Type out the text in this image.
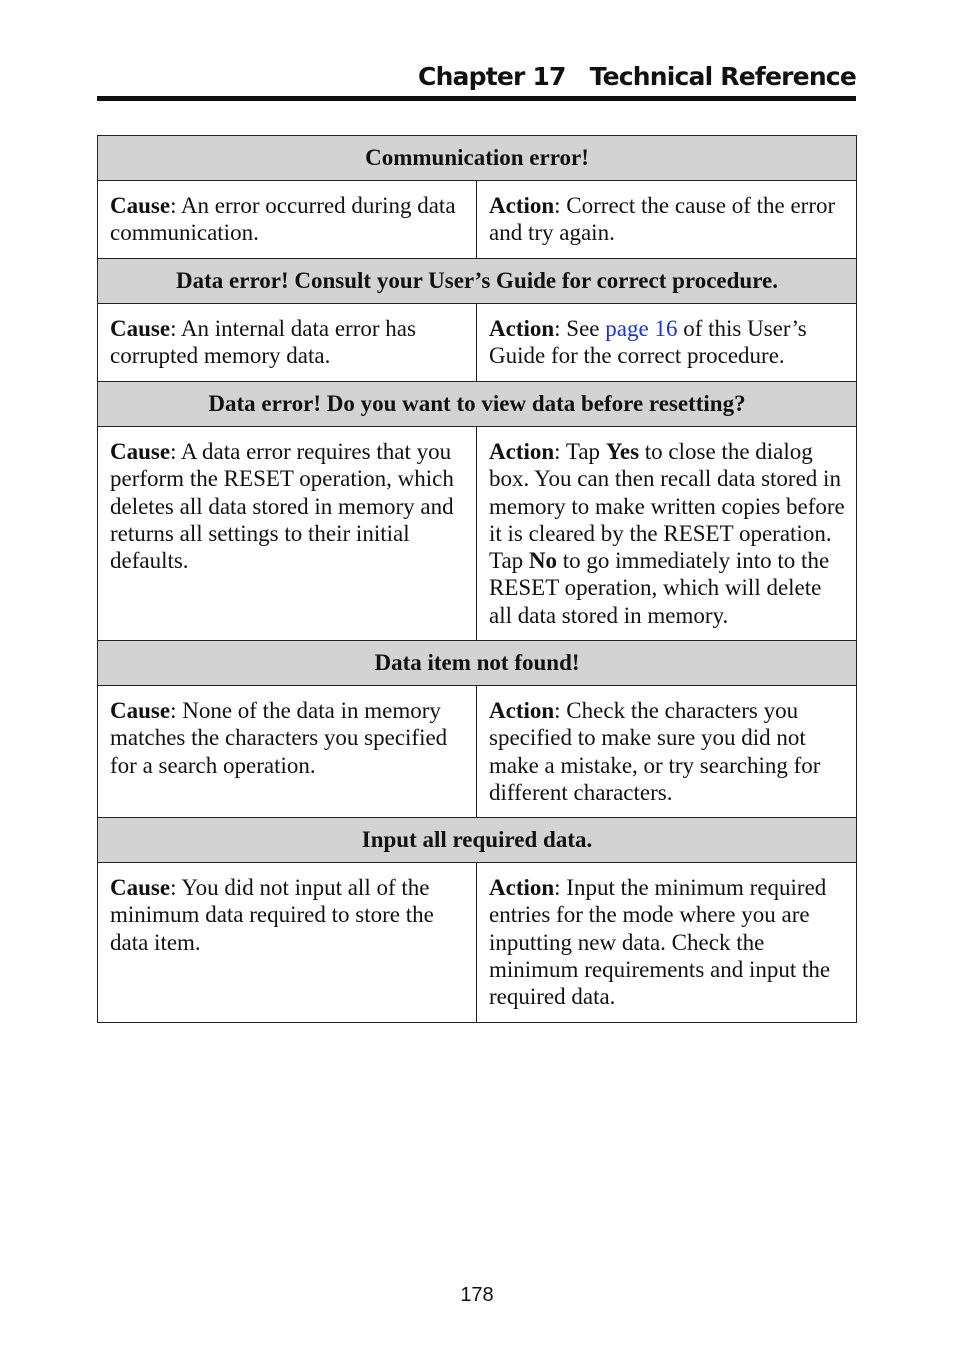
Chapter 17 Technical Reference
Communication error!	
Cause: An error occurred during data communication.	Action: Correct the cause of the error and try again.
Data error! Consult your User’s Guide for correct procedure.	
Cause: An internal data error has corrupted memory data.	Action: See page 16 of this User’s Guide for the correct procedure.
Data error! Do you want to view data before resetting?	
Cause: A data error requires that you perform the RESET operation, which deletes all data stored in memory and returns all settings to their initial defaults.	Action: Tap Yes to close the dialog box. You can then recall data stored in memory to make written copies before it is cleared by the RESET operation. Tap No to go immediately into to the RESET operation, which will delete all data stored in memory.
Data item not found!	
Cause: None of the data in memory matches the characters you specified for a search operation.	Action: Check the characters you specified to make sure you did not make a mistake, or try searching for different characters.
Input all required data.	
Cause: You did not input all of the minimum data required to store the data item.	Action: Input the minimum required entries for the mode where you are inputting new data. Check the minimum requirements and input the required data.
178
